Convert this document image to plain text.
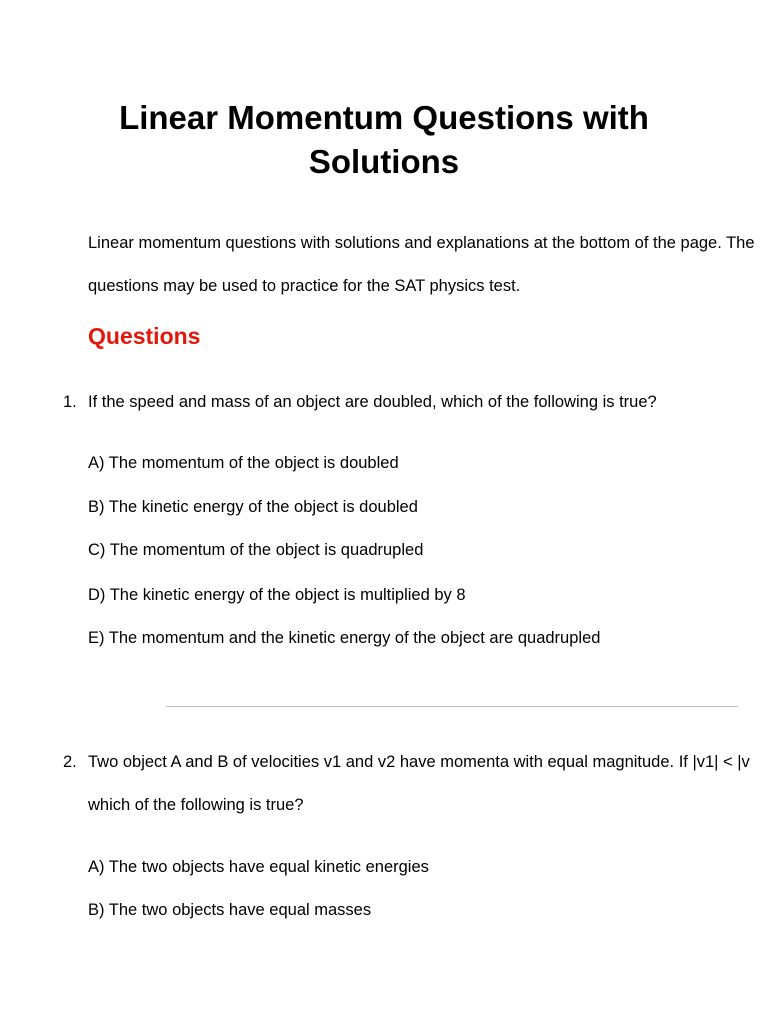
Linear Momentum Questions with
Solutions

Linear momentum questions with solutions and explanations at the bottom of the page. The
questions may be used to practice for the SAT physics test.

Questions
1. If the speed and mass of an object are doubled, which of the following is true?
A) The momentum of the object is doubled
B) The kinetic energy of the object is doubled
C) The momentum of the object is quadrupled
D) The kinetic energy of the object is multiplied by 8
E) The momentum and the kinetic energy of the object are quadrupled
2. Two object A and B of velocities v1 and v2 have momenta with equal magnitude. If |v1| < |v
which of the following is true?
A) The two objects have equal kinetic energies
B) The two objects have equal masses
